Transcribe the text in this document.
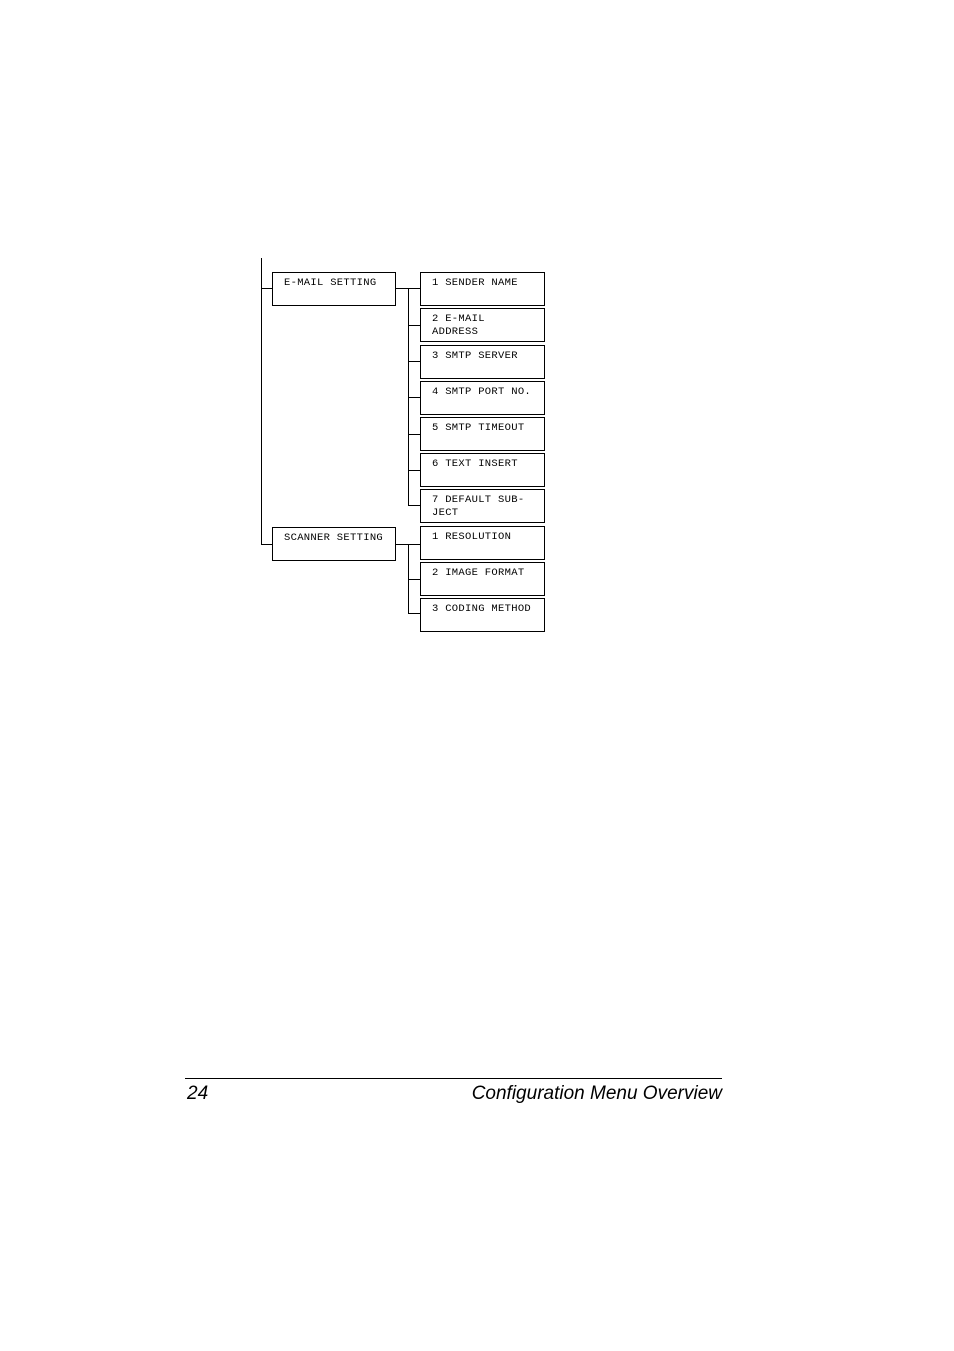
E-MAIL SETTING	1 SENDER NAME
2 E-MAIL
ADDRESS
3 SMTP SERVER
4 SMTP PORT NO.
5 SMTP TIMEOUT
6 TEXT INSERT
7 DEFAULT SUB-
JECT
SCANNER SETTING	1 RESOLUTION
2 IMAGE FORMAT
3 CODING METHOD
24	Configuration Menu Overview
